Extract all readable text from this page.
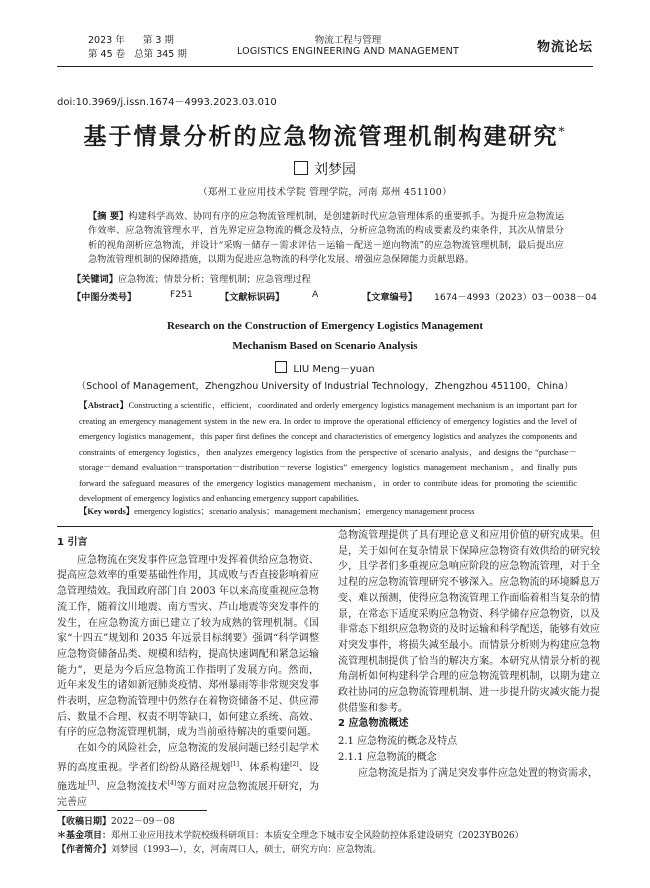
2023 年      第 3 期
第 45 卷   总第 345 期
物流工程与管理
LOGISTICS ENGINEERING AND MANAGEMENT	物流论坛
doi:10.3969/j.issn.1674－4993.2023.03.010
基于情景分析的应急物流管理机制构建研究*
刘梦园
（郑州工业应用技术学院 管理学院，河南 郑州 451100）
【摘 要】构建科学高效、协同有序的应急物流管理机制，是创建新时代应急管理体系的重要抓手。为提升应急物流运作效率、应急物流管理水平，首先界定应急物流的概念及特点，分析应急物流的构成要素及约束条件，其次从情景分析的视角剖析应急物流，并设计“采购－储存－需求评估－运输－配送－逆向物流”的应急物流管理机制，最后提出应急物流管理机制的保障措施，以期为促进应急物流的科学化发展、增强应急保障能力贡献思路。
【关键词】应急物流；情景分析；管理机制；应急管理过程
【中图分类号】	F251	【文献标识码】	A	【文章编号】 1674－4993（2023）03－0038－04
Research on the Construction of Emergency Logistics Management
Mechanism Based on Scenario Analysis
LIU Meng－yuan
（School of Management，Zhengzhou University of Industrial Technology，Zhengzhou 451100，China）
【Abstract】Constructing a scientific，efficient，coordinated and orderly emergency logistics management mechanism is an important part for creating an emergency management system in the new era. In order to improve the operational efficiency of emergency logistics and the level of emergency logistics management，this paper first defines the concept and characteristics of emergency logistics and analyzes the components and constraints of emergency logistics，then analyzes emergency logistics from the perspective of scenario analysis，and designs the “purchase－storage－demand evaluation－transportation－distribution－reverse logistics” emergency logistics management mechanism，and finally puts forward the safeguard measures of the emergency logistics management mechanism，in order to contribute ideas for promoting the scientific development of emergency logistics and enhancing emergency support capabilities.
【Key words】emergency logistics；scenario analysis；management mechanism；emergency management process

1 引言

应急物流在突发事件应急管理中发挥着供给应急物资、提高应急效率的重要基础性作用，其成败与否直接影响着应急管理绩效。我国政府部门自 2003 年以来高度重视应急物流工作，随着汶川地震、南方雪灾、芦山地震等突发事件的发生，在应急物流方面已建立了较为成熟的管理机制。《国家“十四五”规划和 2035 年远景目标纲要》强调“科学调整应急物资储备品类、规模和结构，提高快速调配和紧急运输能力”，更是为今后应急物流工作指明了发展方向。然而，近年来发生的诸如新冠肺炎疫情、郑州暴雨等非常规突发事件表明，应急物流管理中仍然存在着物资储备不足、供应滞后、数量不合理、权责不明等缺口，如何建立系统、高效、有序的应急物流管理机制，成为当前亟待解决的重要问题。

在如今的风险社会，应急物流的发展问题已经引起学术界的高度重视。学者们纷纷从路径规划[1]、体系构建[2]、设施选址[3]、应急物流技术[4]等方面对应急物流展开研究，为完善应

急物流管理提供了具有理论意义和应用价值的研究成果。但是，关于如何在复杂情景下保障应急物资有效供给的研究较少，且学者们多重视应急响应阶段的应急物流管理，对于全过程的应急物流管理研究不够深入。应急物流的环境瞬息万变、难以预测，使得应急物流管理工作面临着相当复杂的情景，在常态下适度采购应急物资、科学储存应急物资，以及非常态下组织应急物资的及时运输和科学配送，能够有效应对突发事件，将损失减至最小。而情景分析则为构建应急物流管理机制提供了恰当的解决方案。本研究从情景分析的视角剖析如何构建科学合理的应急物流管理机制，以期为建立政社协同的应急物流管理机制、进一步提升防灾减灾能力提供借鉴和参考。

2 应急物流概述

2.1 应急物流的概念及特点

2.1.1 应急物流的概念

应急物流是指为了满足突发事件应急处置的物资需求，

【收稿日期】2022－09－08
＊基金项目：郑州工业应用技术学院校级科研项目：本质安全理念下城市安全风险防控体系建设研究（2023YB026）
【作者简介】刘梦园（1993—），女，河南周口人，硕士，研究方向：应急物流。
